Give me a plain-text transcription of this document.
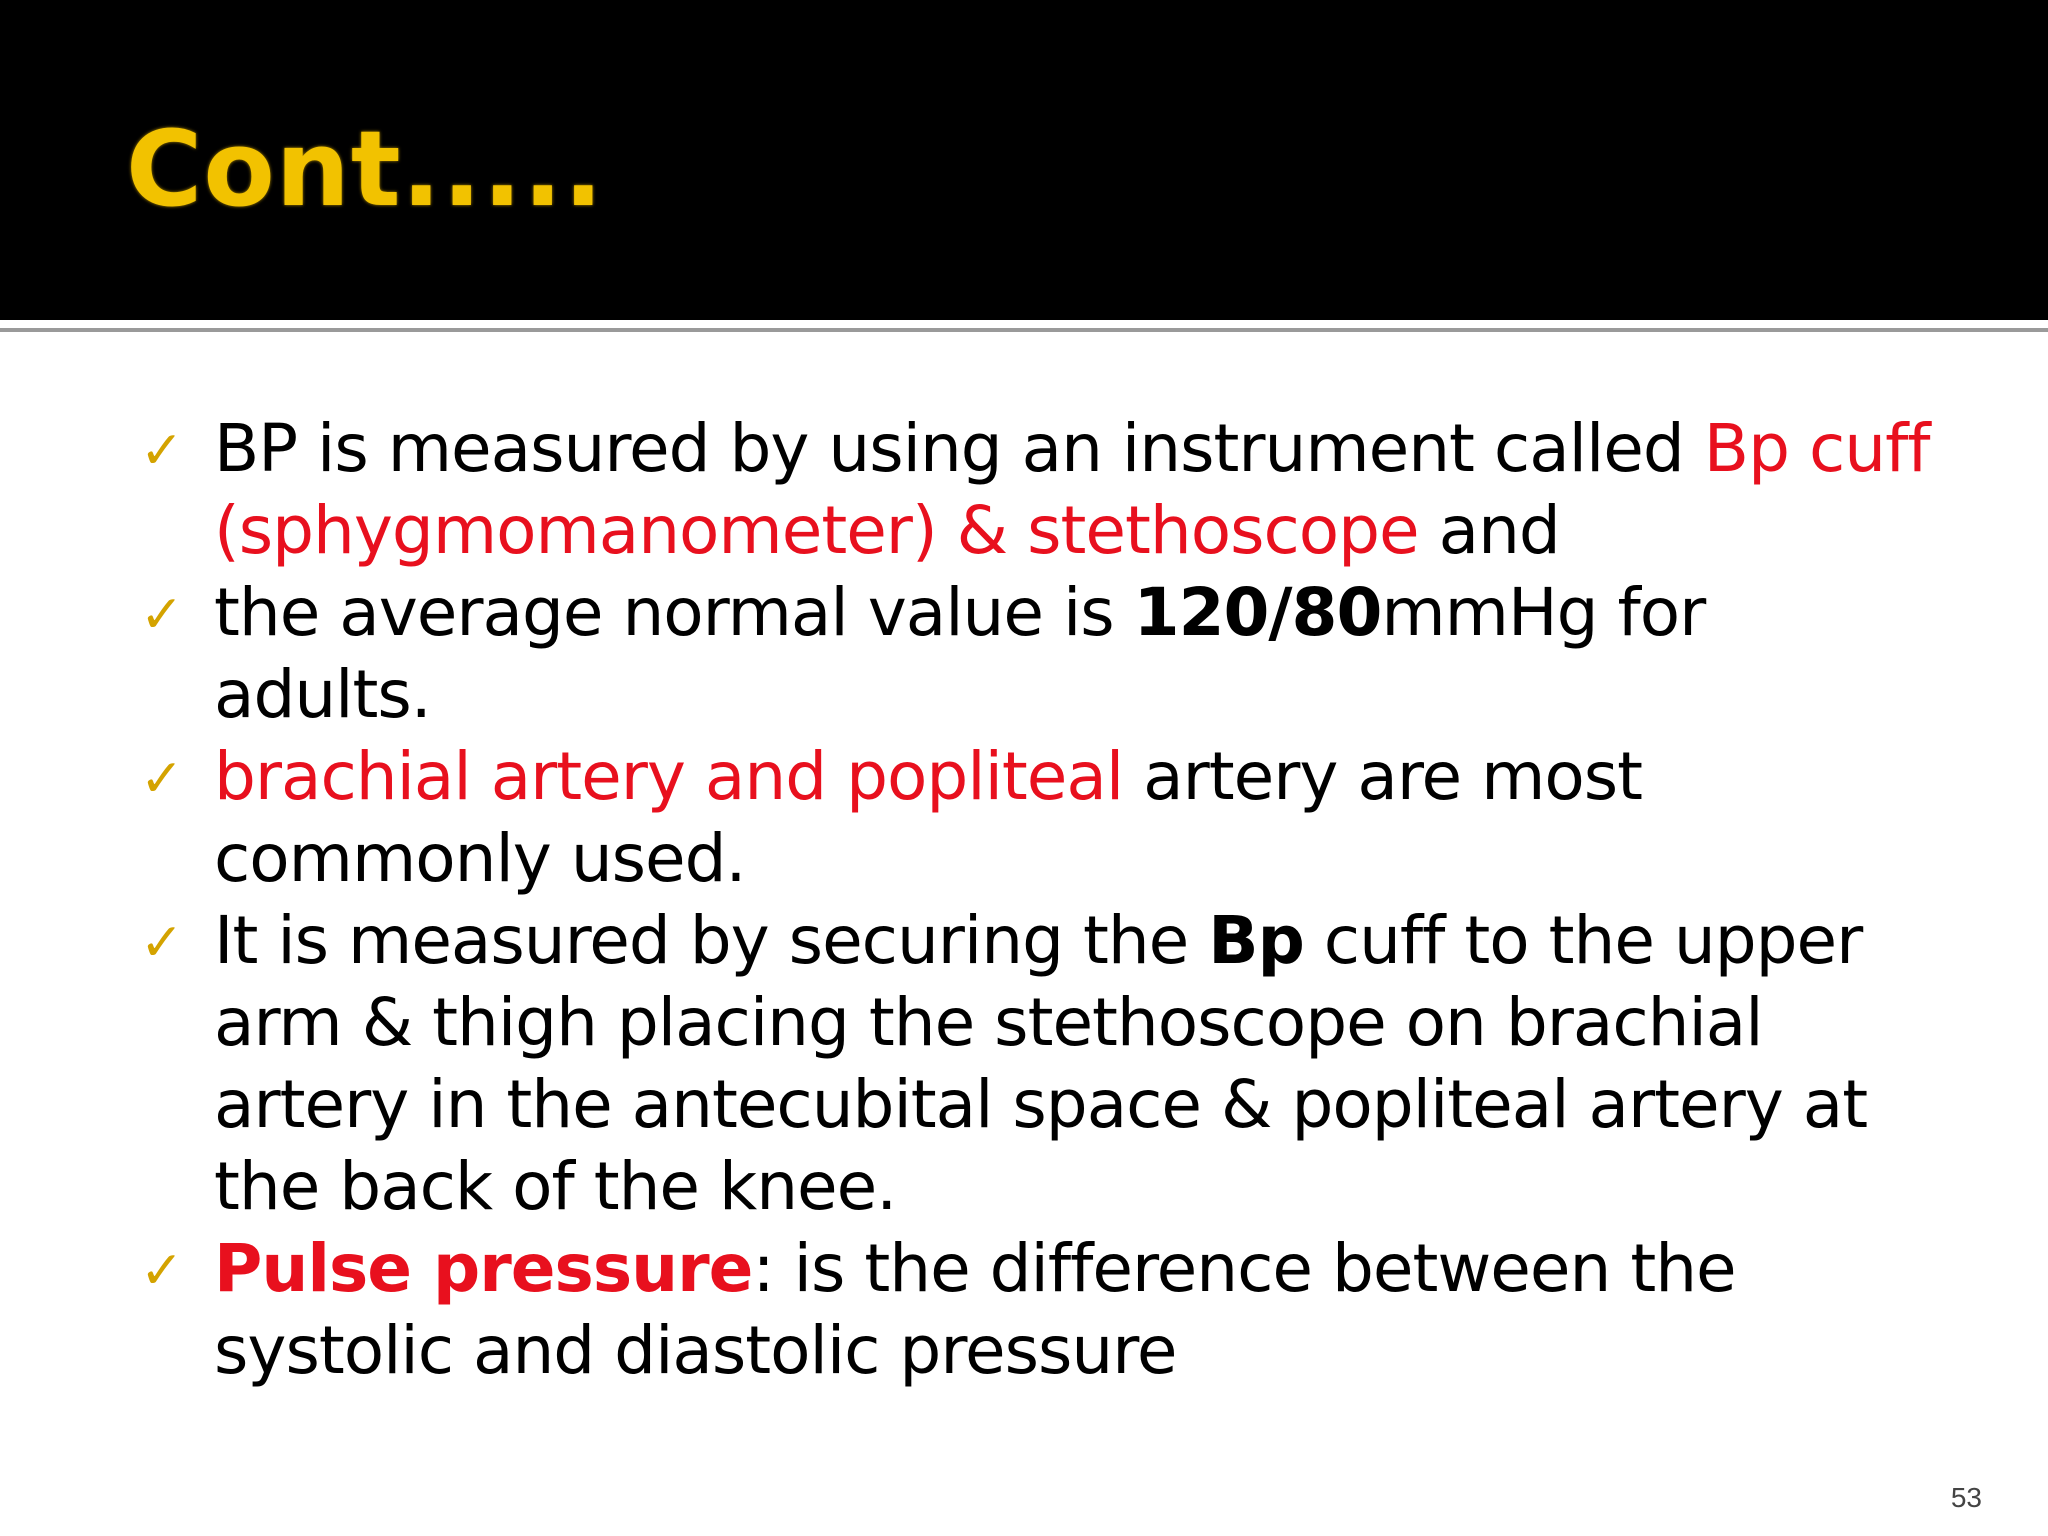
Cont.....
✓ BP is measured by using an instrument called Bp cuff (sphygmomanometer) & stethoscope and
✓ the average normal value is 120/80mmHg for adults.
✓ brachial artery and popliteal artery are most commonly used.
✓ It is measured by securing the Bp cuff to the upper arm & thigh placing the stethoscope on brachial artery in the antecubital space & popliteal artery at the back of the knee.
✓ Pulse pressure: is the difference between the systolic and diastolic pressure
53
